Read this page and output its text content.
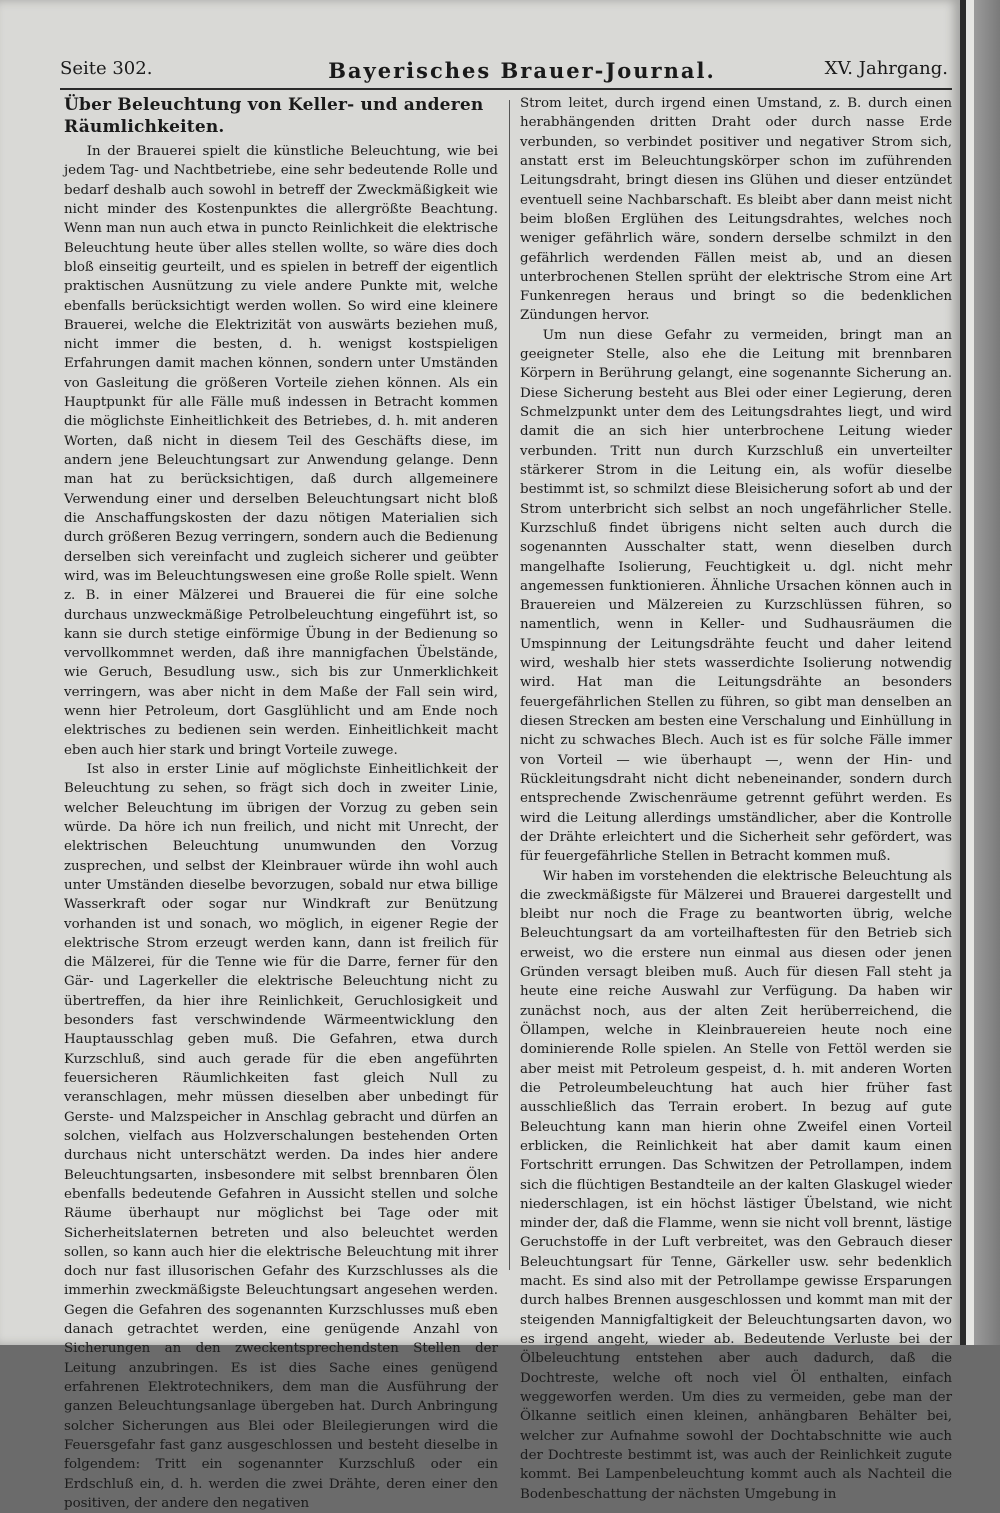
Seite 302.	Bayerisches Brauer-Journal.	XV. Jahrgang.
Über Beleuchtung von Keller- und anderen Räumlichkeiten.

In der Brauerei spielt die künstliche Beleuchtung, wie bei jedem Tag- und Nachtbetriebe, eine sehr bedeutende Rolle und bedarf deshalb auch sowohl in betreff der Zweckmäßigkeit wie nicht minder des Kostenpunktes die allergrößte Beachtung. Wenn man nun auch etwa in puncto Reinlichkeit die elektrische Beleuchtung heute über alles stellen wollte, so wäre dies doch bloß einseitig geurteilt, und es spielen in betreff der eigentlich praktischen Ausnützung zu viele andere Punkte mit, welche ebenfalls berücksichtigt werden wollen. So wird eine kleinere Brauerei, welche die Elektrizität von auswärts beziehen muß, nicht immer die besten, d. h. wenigst kostspieligen Erfahrungen damit machen können, sondern unter Umständen von Gasleitung die größeren Vorteile ziehen können. Als ein Hauptpunkt für alle Fälle muß indessen in Betracht kommen die möglichste Einheitlichkeit des Betriebes, d. h. mit anderen Worten, daß nicht in diesem Teil des Geschäfts diese, im andern jene Beleuchtungsart zur Anwendung gelange. Denn man hat zu berücksichtigen, daß durch allgemeinere Verwendung einer und derselben Beleuchtungsart nicht bloß die Anschaffungskosten der dazu nötigen Materialien sich durch größeren Bezug verringern, sondern auch die Bedienung derselben sich vereinfacht und zugleich sicherer und geübter wird, was im Beleuchtungswesen eine große Rolle spielt. Wenn z. B. in einer Mälzerei und Brauerei die für eine solche durchaus unzweckmäßige Petrolbeleuchtung eingeführt ist, so kann sie durch stetige einförmige Übung in der Bedienung so vervollkommnet werden, daß ihre mannigfachen Übelstände, wie Geruch, Besudlung usw., sich bis zur Unmerklichkeit verringern, was aber nicht in dem Maße der Fall sein wird, wenn hier Petroleum, dort Gasglühlicht und am Ende noch elektrisches zu bedienen sein werden. Einheitlichkeit macht eben auch hier stark und bringt Vorteile zuwege.

Ist also in erster Linie auf möglichste Einheitlichkeit der Beleuchtung zu sehen, so frägt sich doch in zweiter Linie, welcher Beleuchtung im übrigen der Vorzug zu geben sein würde. Da höre ich nun freilich, und nicht mit Unrecht, der elektrischen Beleuchtung unumwunden den Vorzug zusprechen, und selbst der Kleinbrauer würde ihn wohl auch unter Umständen dieselbe bevorzugen, sobald nur etwa billige Wasserkraft oder sogar nur Windkraft zur Benützung vorhanden ist und sonach, wo möglich, in eigener Regie der elektrische Strom erzeugt werden kann, dann ist freilich für die Mälzerei, für die Tenne wie für die Darre, ferner für den Gär- und Lagerkeller die elektrische Beleuchtung nicht zu übertreffen, da hier ihre Reinlichkeit, Geruchlosigkeit und besonders fast verschwindende Wärmeentwicklung den Hauptausschlag geben muß. Die Gefahren, etwa durch Kurzschluß, sind auch gerade für die eben angeführten feuersicheren Räumlichkeiten fast gleich Null zu veranschlagen, mehr müssen dieselben aber unbedingt für Gerste- und Malzspeicher in Anschlag gebracht und dürfen an solchen, vielfach aus Holzverschalungen bestehenden Orten durchaus nicht unterschätzt werden. Da indes hier andere Beleuchtungsarten, insbesondere mit selbst brennbaren Ölen ebenfalls bedeutende Gefahren in Aussicht stellen und solche Räume überhaupt nur möglichst bei Tage oder mit Sicherheitslaternen betreten und also beleuchtet werden sollen, so kann auch hier die elektrische Beleuchtung mit ihrer doch nur fast illusorischen Gefahr des Kurzschlusses als die immerhin zweckmäßigste Beleuchtungsart angesehen werden. Gegen die Gefahren des sogenannten Kurzschlusses muß eben danach getrachtet werden, eine genügende Anzahl von Sicherungen an den zweckentsprechendsten Stellen der Leitung anzubringen. Es ist dies Sache eines genügend erfahrenen Elektrotechnikers, dem man die Ausführung der ganzen Beleuchtungsanlage übergeben hat. Durch Anbringung solcher Sicherungen aus Blei oder Bleilegierungen wird die Feuersgefahr fast ganz ausgeschlossen und besteht dieselbe in folgendem: Tritt ein sogenannter Kurzschluß oder ein Erdschluß ein, d. h. werden die zwei Drähte, deren einer den positiven, der andere den negativen

Strom leitet, durch irgend einen Umstand, z. B. durch einen herabhängenden dritten Draht oder durch nasse Erde verbunden, so verbindet positiver und negativer Strom sich, anstatt erst im Beleuchtungskörper schon im zuführenden Leitungsdraht, bringt diesen ins Glühen und dieser entzündet eventuell seine Nachbarschaft. Es bleibt aber dann meist nicht beim bloßen Erglühen des Leitungsdrahtes, welches noch weniger gefährlich wäre, sondern derselbe schmilzt in den gefährlich werdenden Fällen meist ab, und an diesen unterbrochenen Stellen sprüht der elektrische Strom eine Art Funkenregen heraus und bringt so die bedenklichen Zündungen hervor.

Um nun diese Gefahr zu vermeiden, bringt man an geeigneter Stelle, also ehe die Leitung mit brennbaren Körpern in Berührung gelangt, eine sogenannte Sicherung an. Diese Sicherung besteht aus Blei oder einer Legierung, deren Schmelzpunkt unter dem des Leitungsdrahtes liegt, und wird damit die an sich hier unterbrochene Leitung wieder verbunden. Tritt nun durch Kurzschluß ein unverteilter stärkerer Strom in die Leitung ein, als wofür dieselbe bestimmt ist, so schmilzt diese Bleisicherung sofort ab und der Strom unterbricht sich selbst an noch ungefährlicher Stelle. Kurzschluß findet übrigens nicht selten auch durch die sogenannten Ausschalter statt, wenn dieselben durch mangelhafte Isolierung, Feuchtigkeit u. dgl. nicht mehr angemessen funktionieren. Ähnliche Ursachen können auch in Brauereien und Mälzereien zu Kurzschlüssen führen, so namentlich, wenn in Keller- und Sudhausräumen die Umspinnung der Leitungsdrähte feucht und daher leitend wird, weshalb hier stets wasserdichte Isolierung notwendig wird. Hat man die Leitungsdrähte an besonders feuergefährlichen Stellen zu führen, so gibt man denselben an diesen Strecken am besten eine Verschalung und Einhüllung in nicht zu schwaches Blech. Auch ist es für solche Fälle immer von Vorteil — wie überhaupt —, wenn der Hin- und Rückleitungsdraht nicht dicht nebeneinander, sondern durch entsprechende Zwischenräume getrennt geführt werden. Es wird die Leitung allerdings umständlicher, aber die Kontrolle der Drähte erleichtert und die Sicherheit sehr gefördert, was für feuergefährliche Stellen in Betracht kommen muß.

Wir haben im vorstehenden die elektrische Beleuchtung als die zweckmäßigste für Mälzerei und Brauerei dargestellt und bleibt nur noch die Frage zu beantworten übrig, welche Beleuchtungsart da am vorteilhaftesten für den Betrieb sich erweist, wo die erstere nun einmal aus diesen oder jenen Gründen versagt bleiben muß. Auch für diesen Fall steht ja heute eine reiche Auswahl zur Verfügung. Da haben wir zunächst noch, aus der alten Zeit herüberreichend, die Öllampen, welche in Kleinbrauereien heute noch eine dominierende Rolle spielen. An Stelle von Fettöl werden sie aber meist mit Petroleum gespeist, d. h. mit anderen Worten die Petroleumbeleuchtung hat auch hier früher fast ausschließlich das Terrain erobert. In bezug auf gute Beleuchtung kann man hierin ohne Zweifel einen Vorteil erblicken, die Reinlichkeit hat aber damit kaum einen Fortschritt errungen. Das Schwitzen der Petrollampen, indem sich die flüchtigen Bestandteile an der kalten Glaskugel wieder niederschlagen, ist ein höchst lästiger Übelstand, wie nicht minder der, daß die Flamme, wenn sie nicht voll brennt, lästige Geruchstoffe in der Luft verbreitet, was den Gebrauch dieser Beleuchtungsart für Tenne, Gärkeller usw. sehr bedenklich macht. Es sind also mit der Petrollampe gewisse Ersparungen durch halbes Brennen ausgeschlossen und kommt man mit der steigenden Mannigfaltigkeit der Beleuchtungsarten davon, wo es irgend angeht, wieder ab. Bedeutende Verluste bei der Ölbeleuchtung entstehen aber auch dadurch, daß die Dochtreste, welche oft noch viel Öl enthalten, einfach weggeworfen werden. Um dies zu vermeiden, gebe man der Ölkanne seitlich einen kleinen, anhängbaren Behälter bei, welcher zur Aufnahme sowohl der Dochtabschnitte wie auch der Dochtreste bestimmt ist, was auch der Reinlichkeit zugute kommt. Bei Lampenbeleuchtung kommt auch als Nachteil die Bodenbeschattung der nächsten Umgebung in
